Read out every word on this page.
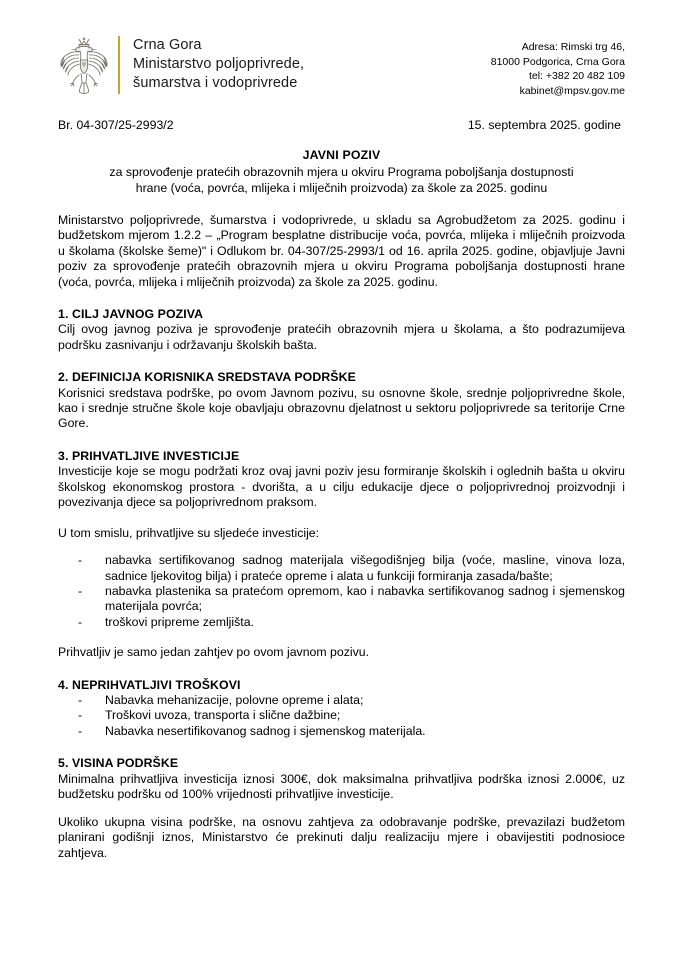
Crna Gora
Ministarstvo poljoprivrede,
šumarstva i vodoprivrede
Adresa: Rimski trg 46,
81000 Podgorica, Crna Gora
tel: +382 20 482 109
kabinet@mpsv.gov.me
Br. 04-307/25-2993/2	15. septembra 2025. godine
JAVNI POZIV
za sprovođenje pratećih obrazovnih mjera u okviru Programa poboljšanja dostupnosti
hrane (voća, povrća, mlijeka i mliječnih proizvoda) za škole za 2025. godinu

Ministarstvo poljoprivrede, šumarstva i vodoprivrede, u skladu sa Agrobudžetom za 2025. godinu i budžetskom mjerom 1.2.2 – „Program besplatne distribucije voća, povrća, mlijeka i mliječnih proizvoda u školama (školske šeme)" i Odlukom br. 04-307/25-2993/1 od 16. aprila 2025. godine, objavljuje Javni poziv za sprovođenje pratećih obrazovnih mjera u okviru Programa poboljšanja dostupnosti hrane (voća, povrća, mlijeka i mliječnih proizvoda) za škole za 2025. godinu.

1. CILJ JAVNOG POZIVA

Cilj ovog javnog poziva je sprovođenje pratećih obrazovnih mjera u školama, a što podrazumijeva podršku zasnivanju i održavanju školskih bašta.

2. DEFINICIJA KORISNIKA SREDSTAVA PODRŠKE

Korisnici sredstava podrške, po ovom Javnom pozivu, su osnovne škole, srednje poljoprivredne škole, kao i srednje stručne škole koje obavljaju obrazovnu djelatnost u sektoru poljoprivrede sa teritorije Crne Gore.

3. PRIHVATLJIVE INVESTICIJE

Investicije koje se mogu podržati kroz ovaj javni poziv jesu formiranje školskih i oglednih bašta u okviru školskog ekonomskog prostora - dvorišta, a u cilju edukacije djece o poljoprivrednoj proizvodnji i povezivanja djece sa poljoprivrednom praksom.

U tom smislu, prihvatljive su sljedeće investicije:

- nabavka sertifikovanog sadnog materijala višegodišnjeg bilja (voće, masline, vinova loza, sadnice ljekovitog bilja) i prateće opreme i alata u funkciji formiranja zasada/bašte;
- nabavka plastenika sa pratećom opremom, kao i nabavka sertifikovanog sadnog i sjemenskog materijala povrća;
- troškovi pripreme zemljišta.

Prihvatljiv je samo jedan zahtjev po ovom javnom pozivu.

4. NEPRIHVATLJIVI TROŠKOVI
- Nabavka mehanizacije, polovne opreme i alata;
- Troškovi uvoza, transporta i slične dažbine;
- Nabavka nesertifikovanog sadnog i sjemenskog materijala.
5. VISINA PODRŠKE

Minimalna prihvatljiva investicija iznosi 300€, dok maksimalna prihvatljiva podrška iznosi 2.000€, uz budžetsku podršku od 100% vrijednosti prihvatljive investicije.

Ukoliko ukupna visina podrške, na osnovu zahtjeva za odobravanje podrške, prevazilazi budžetom planirani godišnji iznos, Ministarstvo će prekinuti dalju realizaciju mjere i obavijestiti podnosioce zahtjeva.
